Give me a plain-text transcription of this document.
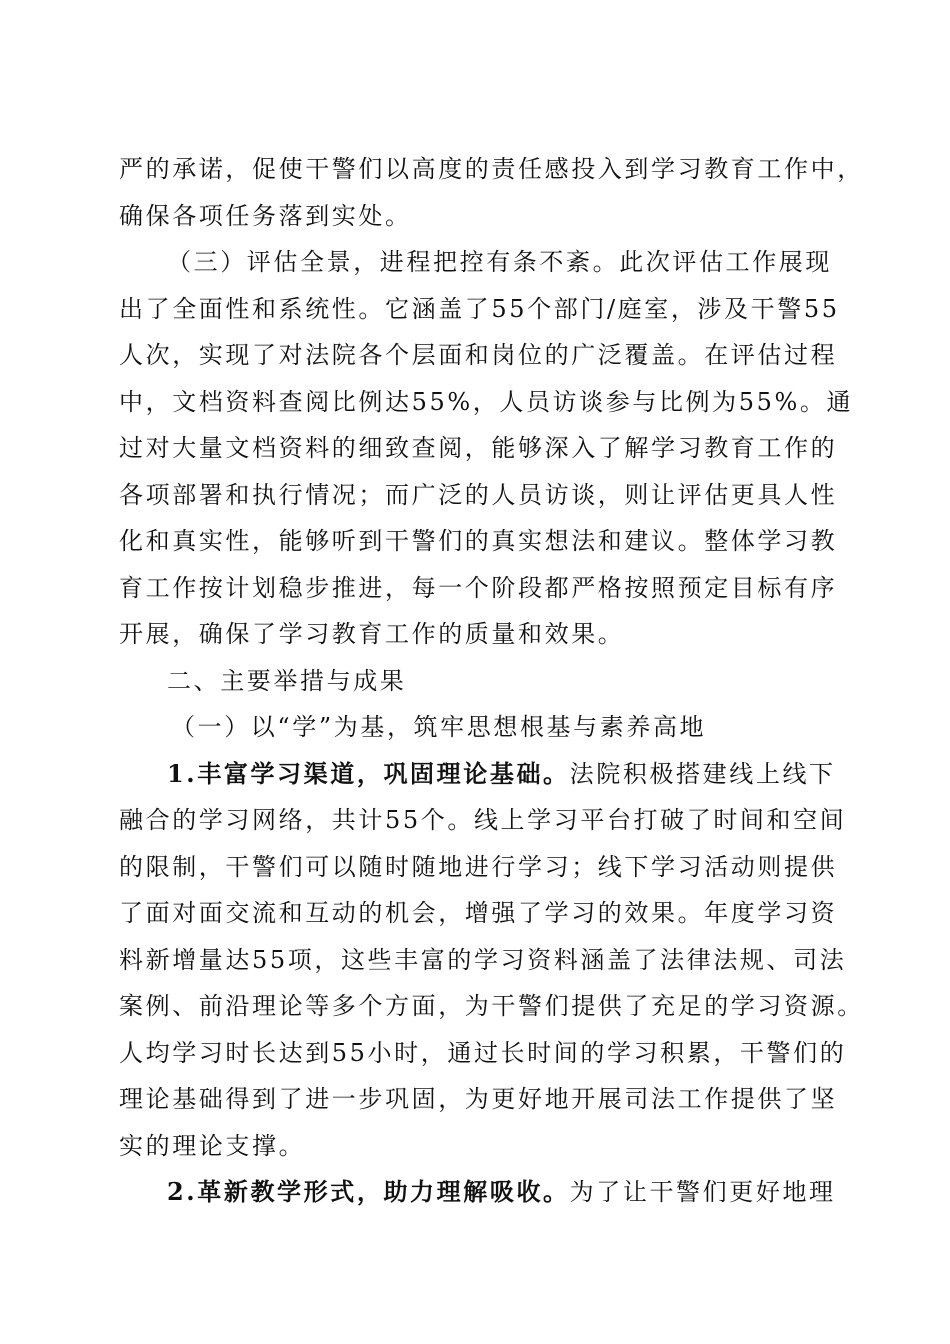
严的承诺，促使干警们以高度的责任感投入到学习教育工作中，
确保各项任务落到实处。
（三）评估全景，进程把控有条不紊。此次评估工作展现
出了全面性和系统性。它涵盖了55个部门/庭室，涉及干警55
人次，实现了对法院各个层面和岗位的广泛覆盖。在评估过程
中，文档资料查阅比例达55%，人员访谈参与比例为55%。通
过对大量文档资料的细致查阅，能够深入了解学习教育工作的
各项部署和执行情况；而广泛的人员访谈，则让评估更具人性
化和真实性，能够听到干警们的真实想法和建议。整体学习教
育工作按计划稳步推进，每一个阶段都严格按照预定目标有序
开展，确保了学习教育工作的质量和效果。
二、主要举措与成果
（一）以“学”为基，筑牢思想根基与素养高地
1.丰富学习渠道，巩固理论基础。法院积极搭建线上线下
融合的学习网络，共计55个。线上学习平台打破了时间和空间
的限制，干警们可以随时随地进行学习；线下学习活动则提供
了面对面交流和互动的机会，增强了学习的效果。年度学习资
料新增量达55项，这些丰富的学习资料涵盖了法律法规、司法
案例、前沿理论等多个方面，为干警们提供了充足的学习资源。
人均学习时长达到55小时，通过长时间的学习积累，干警们的
理论基础得到了进一步巩固，为更好地开展司法工作提供了坚
实的理论支撑。
2.革新教学形式，助力理解吸收。为了让干警们更好地理
